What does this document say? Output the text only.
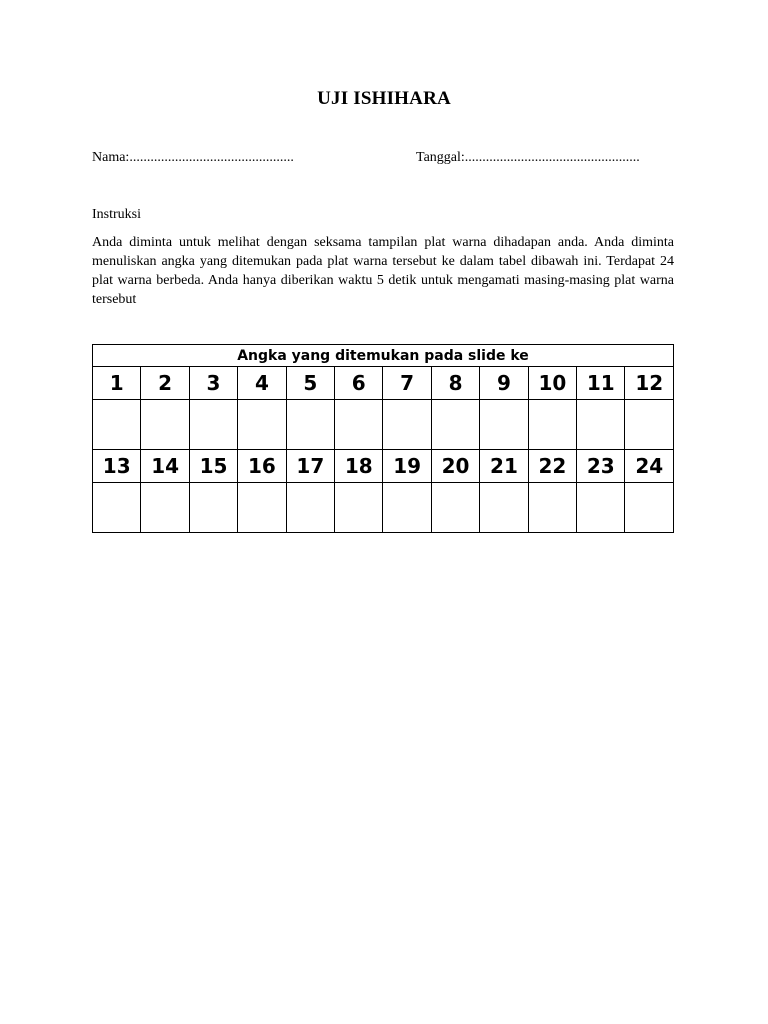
UJI ISHIHARA
Nama:...............................................	Tanggal:..................................................
Instruksi
Anda diminta untuk melihat dengan seksama tampilan plat warna dihadapan anda. Anda diminta menuliskan angka yang ditemukan pada plat warna tersebut ke dalam tabel dibawah ini. Terdapat 24 plat warna berbeda. Anda hanya diberikan waktu 5 detik untuk mengamati masing-masing plat warna tersebut
Angka yang ditemukan pada slide ke											
1	2	3	4	5	6	7	8	9	10	11	12

13	14	15	16	17	18	19	20	21	22	23	24
